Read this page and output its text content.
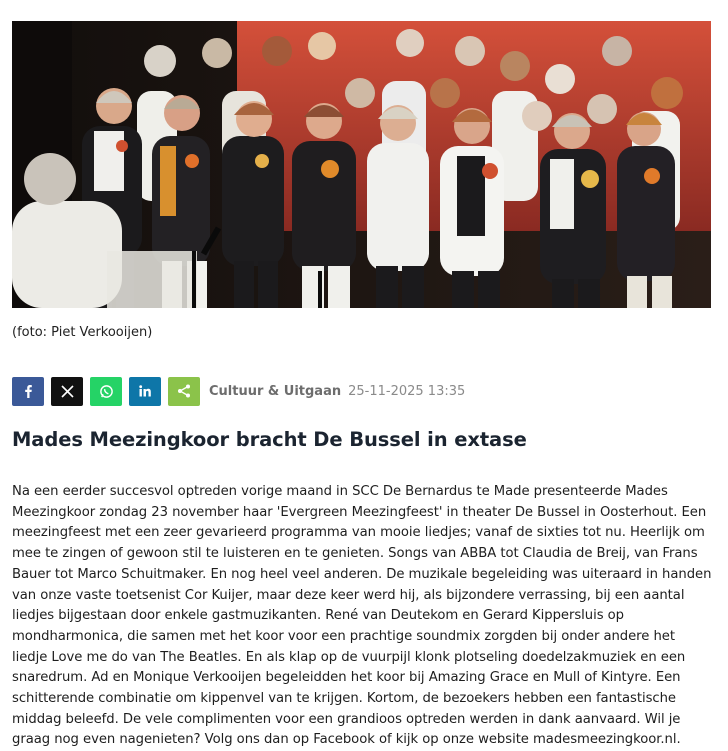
(foto: Piet Verkooijen)
Cultuur & Uitgaan 25-11-2025 13:35
Mades Meezingkoor bracht De Bussel in extase

Na een eerder succesvol optreden vorige maand in SCC De Bernardus te Made presenteerde Mades Meezingkoor zondag 23 november haar 'Evergreen Meezingfeest' in theater De Bussel in Oosterhout. Een meezingfeest met een zeer gevarieerd programma van mooie liedjes; vanaf de sixties tot nu. Heerlijk om mee te zingen of gewoon stil te luisteren en te genieten. Songs van ABBA tot Claudia de Breij, van Frans Bauer tot Marco Schuitmaker. En nog heel veel anderen. De muzikale begeleiding was uiteraard in handen van onze vaste toetsenist Cor Kuijer, maar deze keer werd hij, als bijzondere verrassing, bij een aantal liedjes bijgestaan door enkele gastmuzikanten. René van Deutekom en Gerard Kippersluis op mondharmonica, die samen met het koor voor een prachtige soundmix zorgden bij onder andere het liedje Love me do van The Beatles. En als klap op de vuurpijl klonk plotseling doedelzakmuziek en een snaredrum. Ad en Monique Verkooijen begeleidden het koor bij Amazing Grace en Mull of Kintyre. Een schitterende combinatie om kippenvel van te krijgen. Kortom, de bezoekers hebben een fantastische middag beleefd. De vele complimenten voor een grandioos optreden werden in dank aanvaard. Wil je graag nog even nagenieten? Volg ons dan op Facebook of kijk op onze website madesmeezingkoor.nl.
